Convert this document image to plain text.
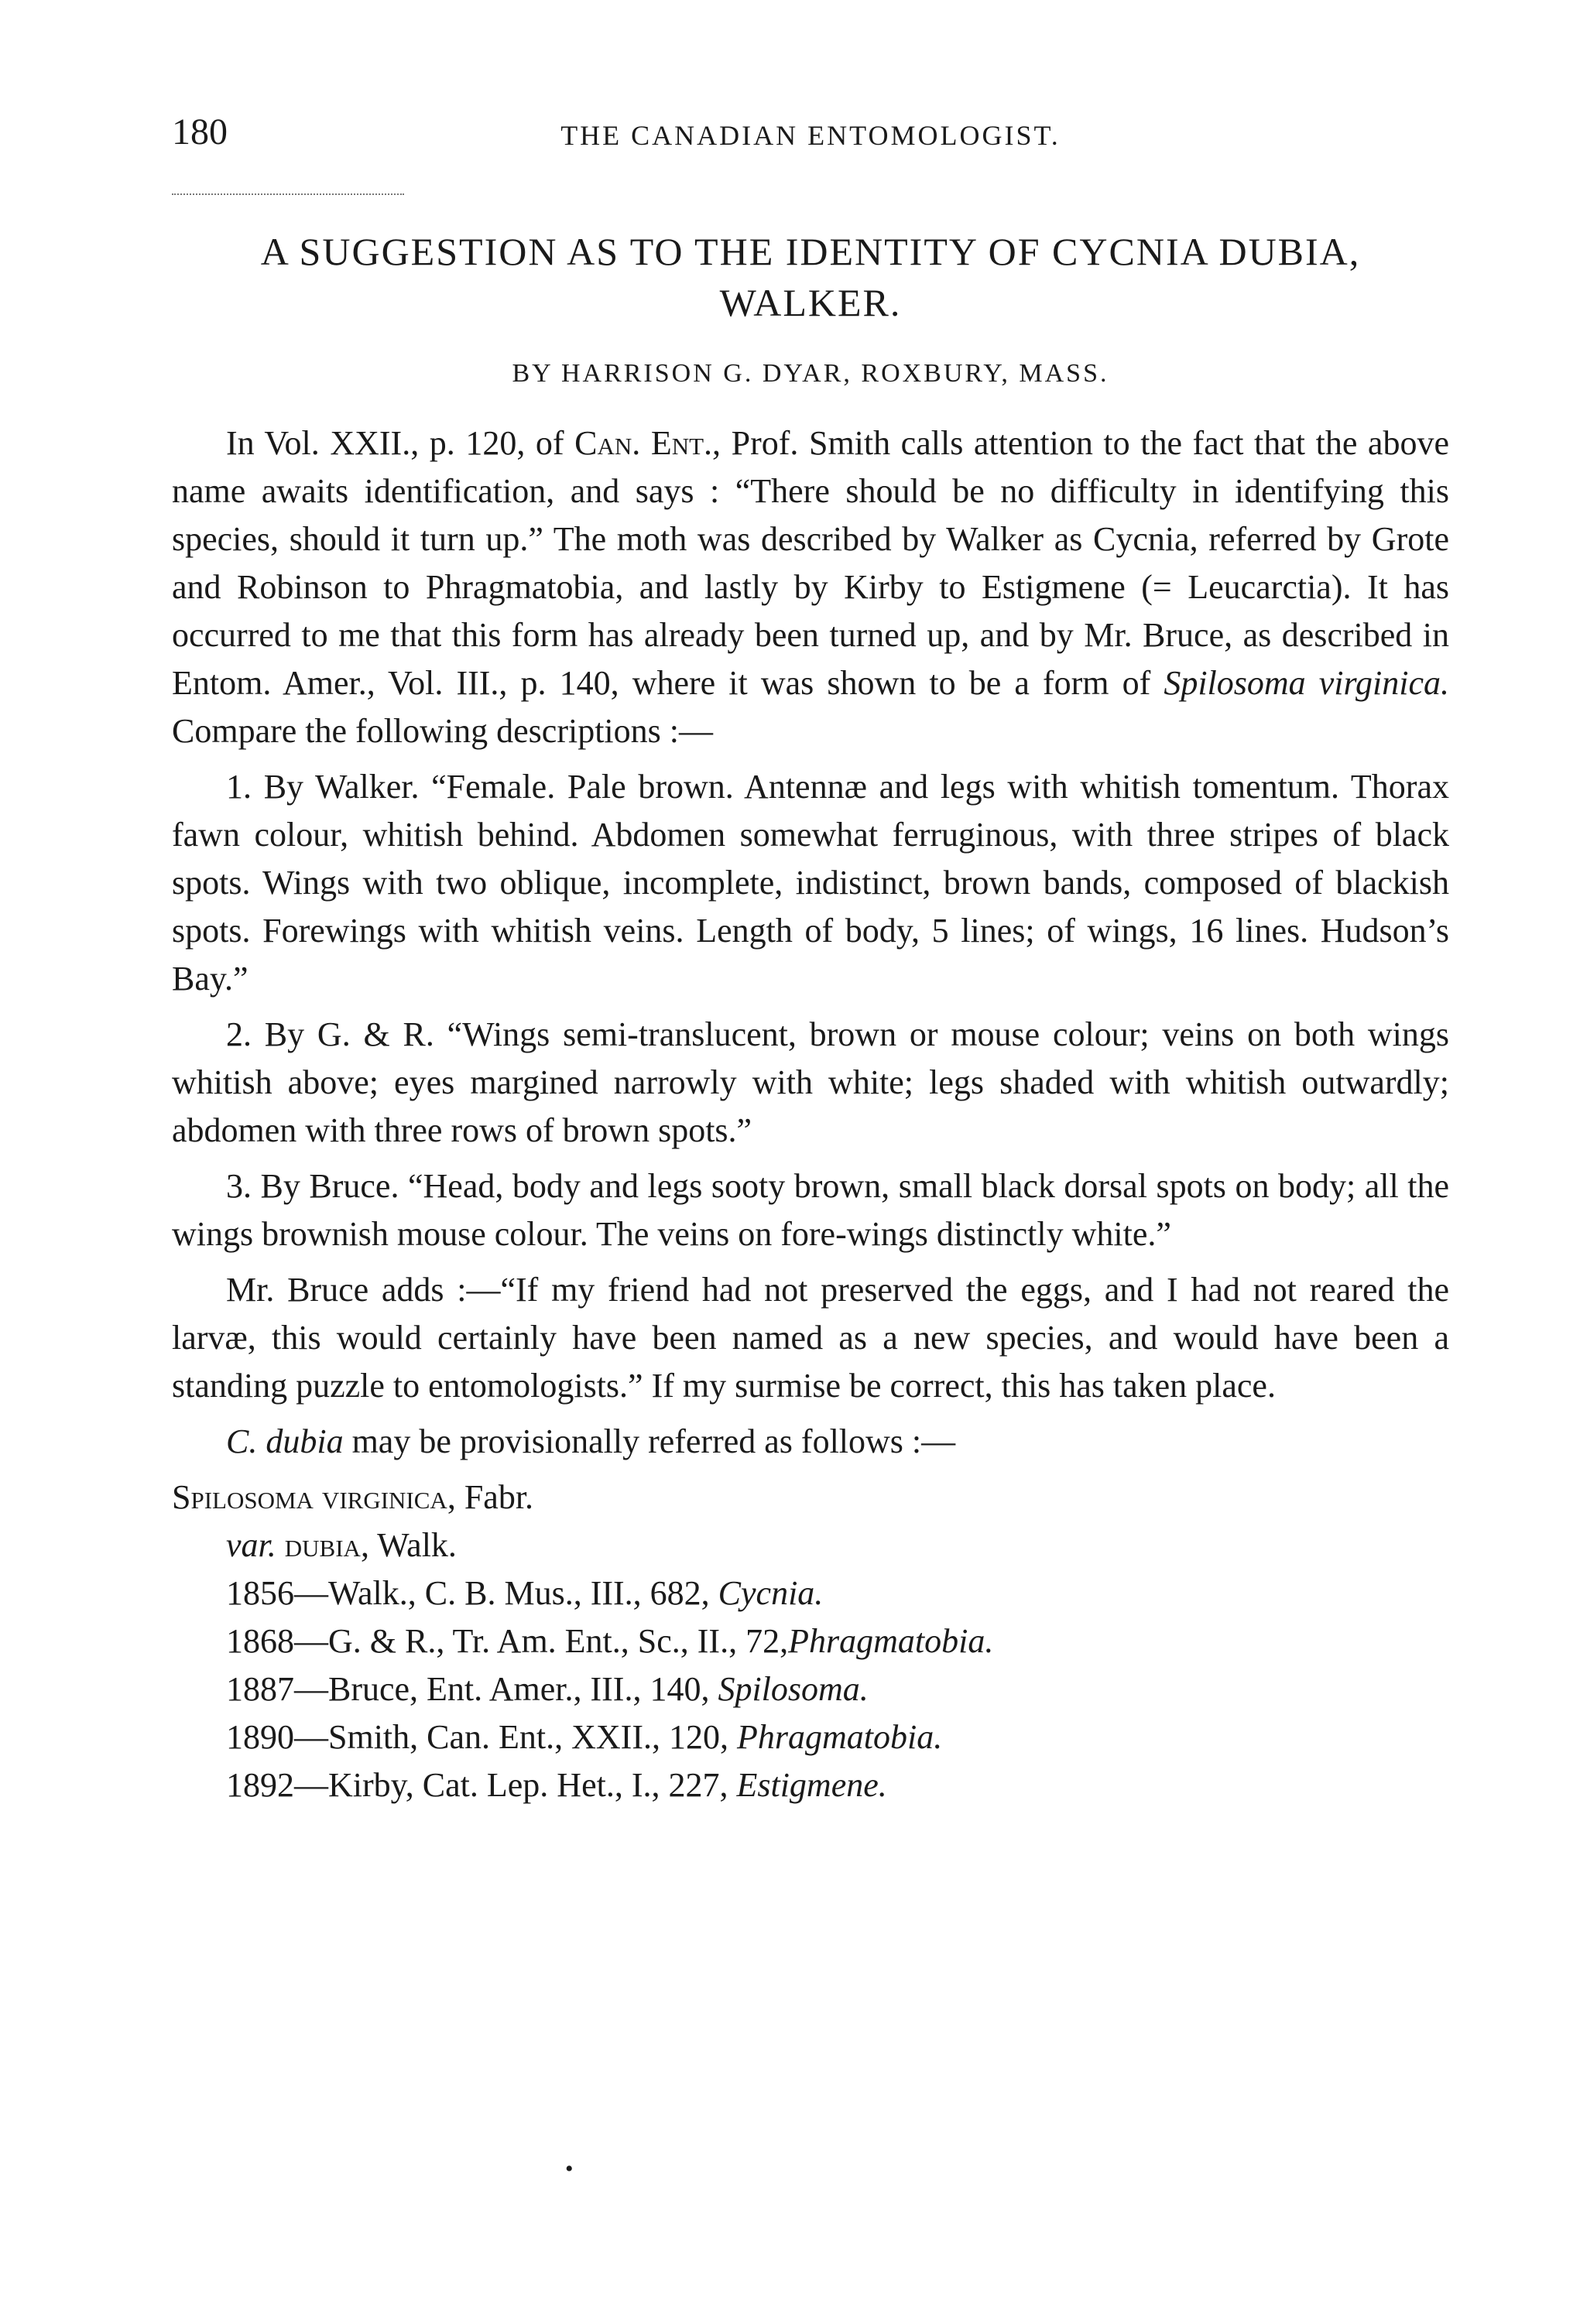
180	THE CANADIAN ENTOMOLOGIST.
A SUGGESTION AS TO THE IDENTITY OF CYCNIA DUBIA, WALKER.
BY HARRISON G. DYAR, ROXBURY, MASS.

In Vol. XXII., p. 120, of Can. Ent., Prof. Smith calls attention to the fact that the above name awaits identification, and says : “There should be no difficulty in identifying this species, should it turn up.” The moth was described by Walker as Cycnia, referred by Grote and Robinson to Phragmatobia, and lastly by Kirby to Estigmene (= Leucarctia). It has occurred to me that this form has already been turned up, and by Mr. Bruce, as described in Entom. Amer., Vol. III., p. 140, where it was shown to be a form of Spilosoma virginica. Compare the following descriptions :—

1. By Walker. “Female. Pale brown. Antennæ and legs with whitish tomentum. Thorax fawn colour, whitish behind. Abdomen somewhat ferruginous, with three stripes of black spots. Wings with two oblique, incomplete, indistinct, brown bands, composed of blackish spots. Forewings with whitish veins. Length of body, 5 lines; of wings, 16 lines. Hudson’s Bay.”

2. By G. & R. “Wings semi-translucent, brown or mouse colour; veins on both wings whitish above; eyes margined narrowly with white; legs shaded with whitish outwardly; abdomen with three rows of brown spots.”

3. By Bruce. “Head, body and legs sooty brown, small black dorsal spots on body; all the wings brownish mouse colour. The veins on fore-wings distinctly white.”

Mr. Bruce adds :—“If my friend had not preserved the eggs, and I had not reared the larvæ, this would certainly have been named as a new species, and would have been a standing puzzle to entomologists.” If my surmise be correct, this has taken place.

C. dubia may be provisionally referred as follows :—

Spilosoma virginica, Fabr.
var. dubia, Walk.
1856—Walk., C. B. Mus., III., 682, Cycnia.
1868—G. & R., Tr. Am. Ent., Sc., II., 72,Phragmatobia.
1887—Bruce, Ent. Amer., III., 140, Spilosoma.
1890—Smith, Can. Ent., XXII., 120, Phragmatobia.
1892—Kirby, Cat. Lep. Het., I., 227, Estigmene.
•
